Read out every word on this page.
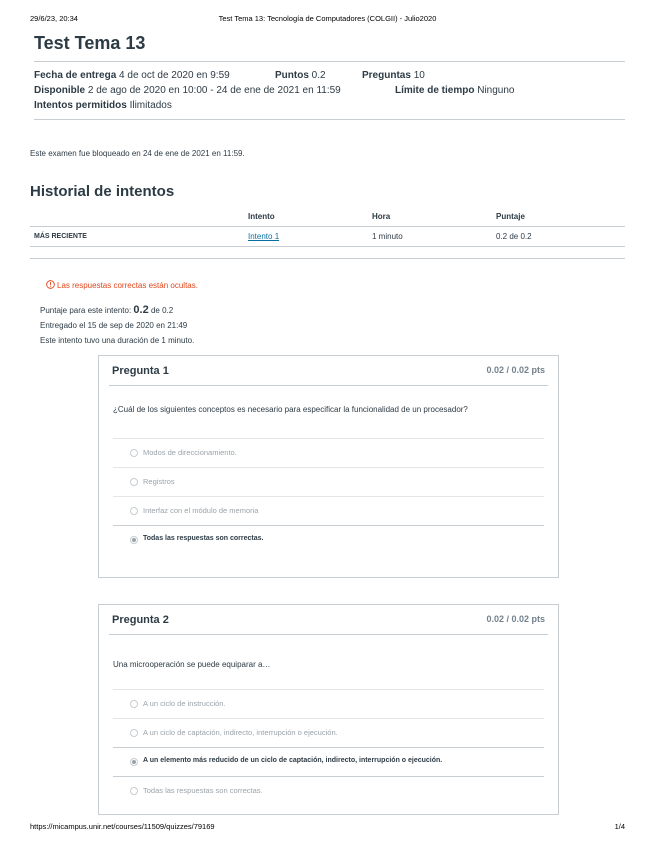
29/6/23, 20:34	Test Tema 13: Tecnología de Computadores (COLGII) - Julio2020
Test Tema 13
Fecha de entrega 4 de oct de 2020 en 9:59	Puntos 0.2	Preguntas 10
Disponible 2 de ago de 2020 en 10:00 - 24 de ene de 2021 en 11:59	Límite de tiempo Ninguno
Intentos permitidos Ilimitados

Este examen fue bloqueado en 24 de ene de 2021 en 11:59.

Historial de intentos
	Intento	Hora	Puntaje
MÁS RECIENTE	Intento 1	1 minuto	0.2 de 0.2
Las respuestas correctas están ocultas.
Puntaje para este intento: 0.2 de 0.2
Entregado el 15 de sep de 2020 en 21:49
Este intento tuvo una duración de 1 minuto.
Pregunta 1	0.02 / 0.02 pts

¿Cuál de los siguientes conceptos es necesario para especificar la funcionalidad de un procesador?

Modos de direccionamiento.
Registros
Interfaz con el módulo de memoria
Todas las respuestas son correctas.
Pregunta 2	0.02 / 0.02 pts

Una microoperación se puede equiparar a…

A un ciclo de instrucción.
A un ciclo de captación, indirecto, interrupción o ejecución.
A un elemento más reducido de un ciclo de captación, indirecto, interrupción o ejecución.
Todas las respuestas son correctas.
https://micampus.unir.net/courses/11509/quizzes/79169	1/4
